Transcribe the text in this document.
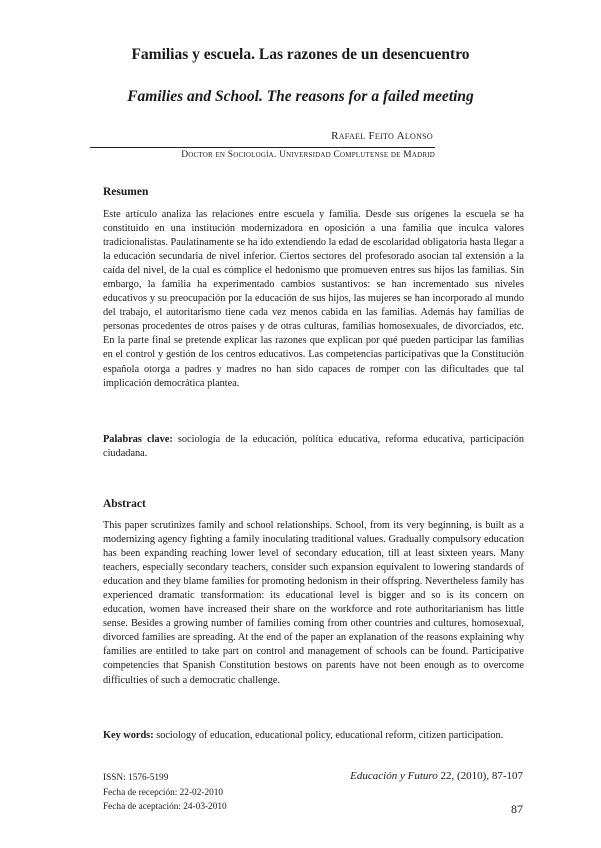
Familias y escuela. Las razones de un desencuentro
Families and School. The reasons for a failed meeting
Rafael Feito Alonso
Doctor en Sociología. Universidad Complutense de Madrid
Resumen
Este artículo analiza las relaciones entre escuela y familia. Desde sus orígenes la escuela se ha constituido en una institución modernizadora en oposición a una familia que inculca valores tradicionalistas. Paulatinamente se ha ido extendiendo la edad de escolaridad obligatoria hasta llegar a la educación secundaria de nivel inferior. Ciertos sectores del profesorado asocian tal extensión a la caída del nivel, de la cual es cómplice el hedonismo que promueven entres sus hijos las familias. Sin embargo, la familia ha experimentado cambios sustantivos: se han incrementado sus niveles educativos y su preocupación por la educación de sus hijos, las mujeres se han incorporado al mundo del trabajo, el autoritarismo tiene cada vez menos cabida en las familias. Además hay familias de personas procedentes de otros países y de otras culturas, familias homosexuales, de divorciados, etc. En la parte final se pretende explicar las razones que explican por qué pueden participar las familias en el control y gestión de los centros educativos. Las competencias participativas que la Constitución española otorga a padres y madres no han sido capaces de romper con las dificultades que tal implicación democrática plantea.
Palabras clave: sociología de la educación, política educativa, reforma educativa, participación ciudadana.
Abstract
This paper scrutinizes family and school relationships. School, from its very beginning, is built as a modernizing agency fighting a family inoculating traditional values. Gradually compulsory education has been expanding reaching lower level of secondary education, till at least sixteen years. Many teachers, especially secondary teachers, consider such expansion equivalent to lowering standards of education and they blame families for promoting hedonism in their offspring. Nevertheless family has experienced dramatic transformation: its educational level is bigger and so is its concern on education, women have increased their share on the workforce and rote authoritarianism has little sense. Besides a growing number of families coming from other countries and cultures, homosexual, divorced families are spreading. At the end of the paper an explanation of the reasons explaining why families are entitled to take part on control and management of schools can be found. Participative competencies that Spanish Constitution bestows on parents have not been enough as to overcome difficulties of such a democratic challenge.
Key words: sociology of education, educational policy, educational reform, citizen participation.
ISSN: 1576-5199
Fecha de recepción: 22-02-2010
Fecha de aceptación: 24-03-2010
Educación y Futuro 22, (2010), 87-107
87
